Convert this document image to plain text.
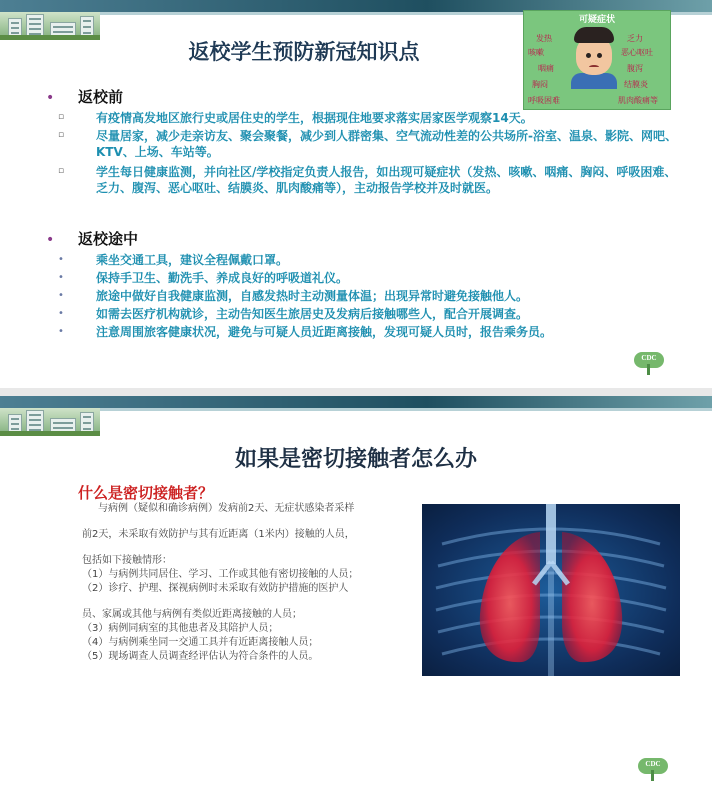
返校学生预防新冠知识点
可疑症状
发热	乏力
咳嗽	恶心呕吐
咽痛	腹泻
胸闷	结膜炎
呼吸困难	肌肉酸痛等
• 返校前
▫	有疫情高发地区旅行史或居住史的学生，根据现住地要求落实居家医学观察14天。
▫	尽量居家，减少走亲访友、聚会聚餐，减少到人群密集、空气流动性差的公共场所-浴室、温泉、影院、网吧、KTV、上场、车站等。
▫	学生每日健康监测，并向社区/学校指定负责人报告，如出现可疑症状（发热、咳嗽、咽痛、胸闷、呼吸困难、乏力、腹泻、恶心呕吐、结膜炎、肌肉酸痛等），主动报告学校并及时就医。
• 返校途中
•	乘坐交通工具，建议全程佩戴口罩。
•	保持手卫生、勤洗手、养成良好的呼吸道礼仪。
•	旅途中做好自我健康监测，自感发热时主动测量体温；出现异常时避免接触他人。
•	如需去医疗机构就诊，主动告知医生旅居史及发病后接触哪些人，配合开展调查。
•	注意周围旅客健康状况，避免与可疑人员近距离接触，发现可疑人员时，报告乘务员。
CDC
如果是密切接触者怎么办
什么是密切接触者？
与病例（疑似和确诊病例）发病前2天、无症状感染者采样
前2天，未采取有效防护与其有近距离（1米内）接触的人员，
包括如下接触情形：
（1）与病例共同居住、学习、工作或其他有密切接触的人员；
（2）诊疗、护理、探视病例时未采取有效防护措施的医护人
员、家属或其他与病例有类似近距离接触的人员；
（3）病例同病室的其他患者及其陪护人员；
（4）与病例乘坐同一交通工具并有近距离接触人员；
（5）现场调查人员调查经评估认为符合条件的人员。
CDC
